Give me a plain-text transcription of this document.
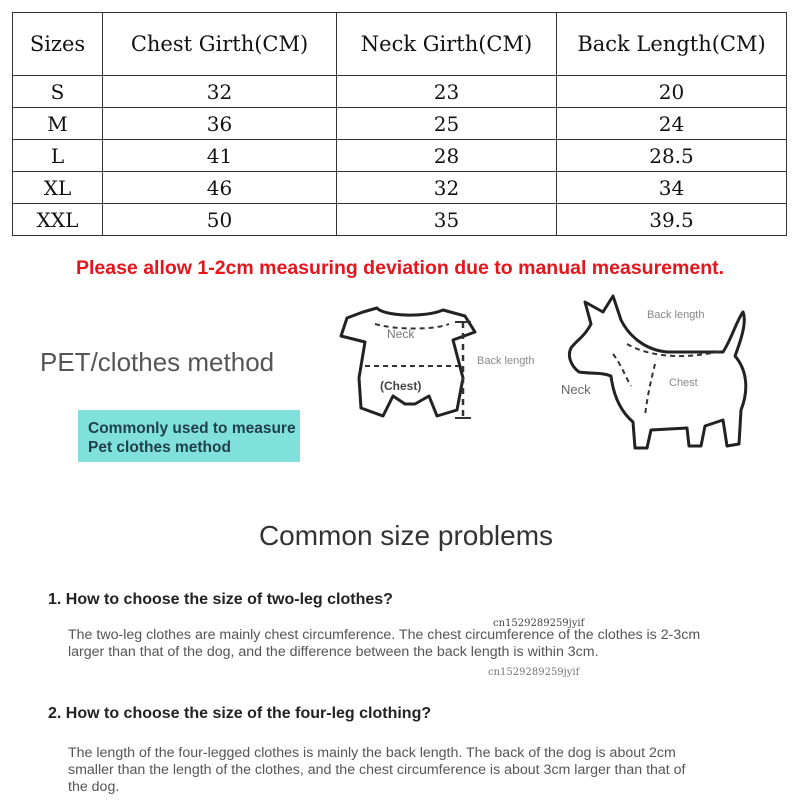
Sizes	Chest Girth(CM)	Neck Girth(CM)	Back Length(CM)
S	32	23	20
M	36	25	24
L	41	28	28.5
XL	46	32	34
XXL	50	35	39.5
Please allow 1-2cm measuring deviation due to manual measurement.
PET/clothes method
Commonly used to measure
Pet clothes method
Neck
(Chest)
Back length
Back length
Neck	Chest
Common size problems
1. How to choose the size of two-leg clothes?
cn1529289259jyif
The two-leg clothes are mainly chest circumference. The chest circumference of the clothes is 2-3cm larger than that of the dog, and the difference between the back length is within 3cm.
cn1529289259jyif
2. How to choose the size of the four-leg clothing?
The length of the four-legged clothes is mainly the back length. The back of the dog is about 2cm smaller than the length of the clothes, and the chest circumference is about 3cm larger than that of the dog.
